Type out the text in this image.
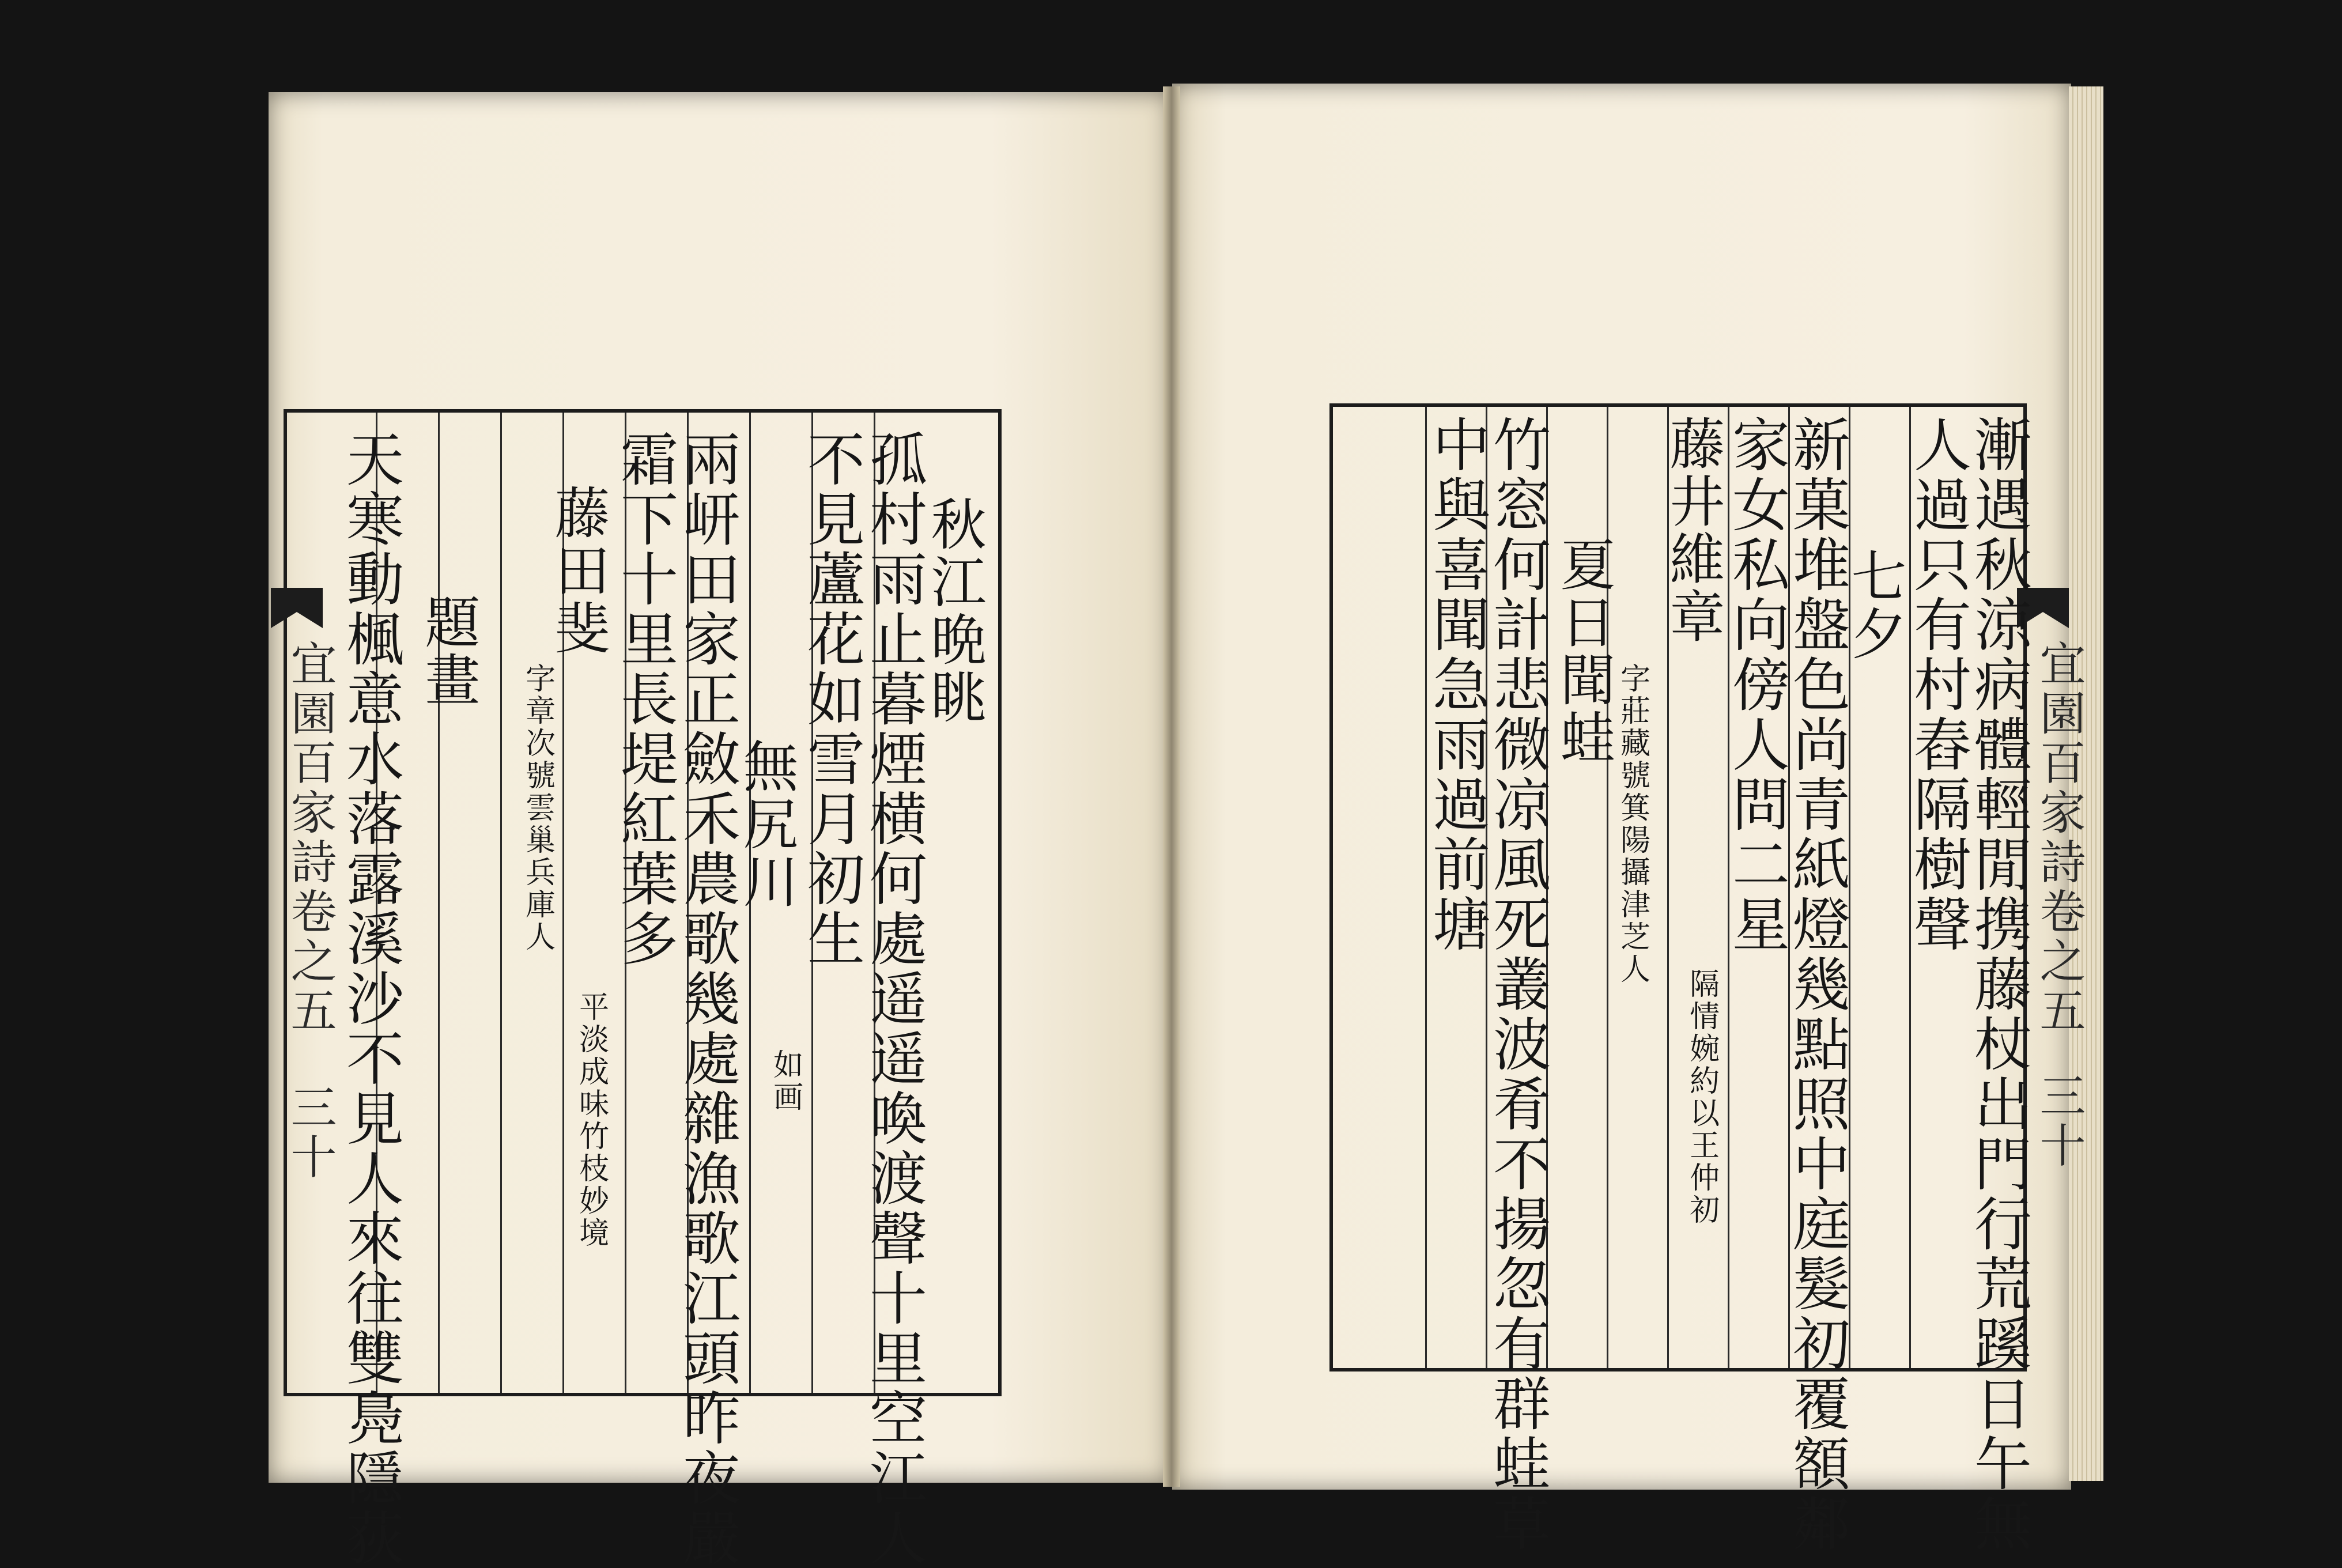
宜園百家詩卷之五
三十
秋江晩眺
孤村雨止暮煙横何處遥遥喚渡聲十里空江人
不見蘆花如雪月初生
如画
無尻川
兩岍田家正斂禾農歌幾處雜漁歌江頭昨夜嚴
霜下十里長堤紅葉多
平淡成味竹枝妙境
藤田斐
字章次號雲巢兵庫人
題畫
天寒動楓意水落露溪沙不見人來往雙鳧隱荻	宜園百家詩卷之五
三十
漸遇秋涼病體輕閒携藤杖出門行荒蹊日午無
人過只有村舂隔樹聲
七夕
新菓堆盤色尚青紙燈幾點照中庭髮初覆額鄰
家女私向傍人問二星
隔情婉約以王仲初
藤井維章
字莊藏號箕陽攝津芝人
夏日聞蛙
竹窓何計悲微凉風死叢波肴不揚忽有群蛙草
中與喜聞急雨過前塘
